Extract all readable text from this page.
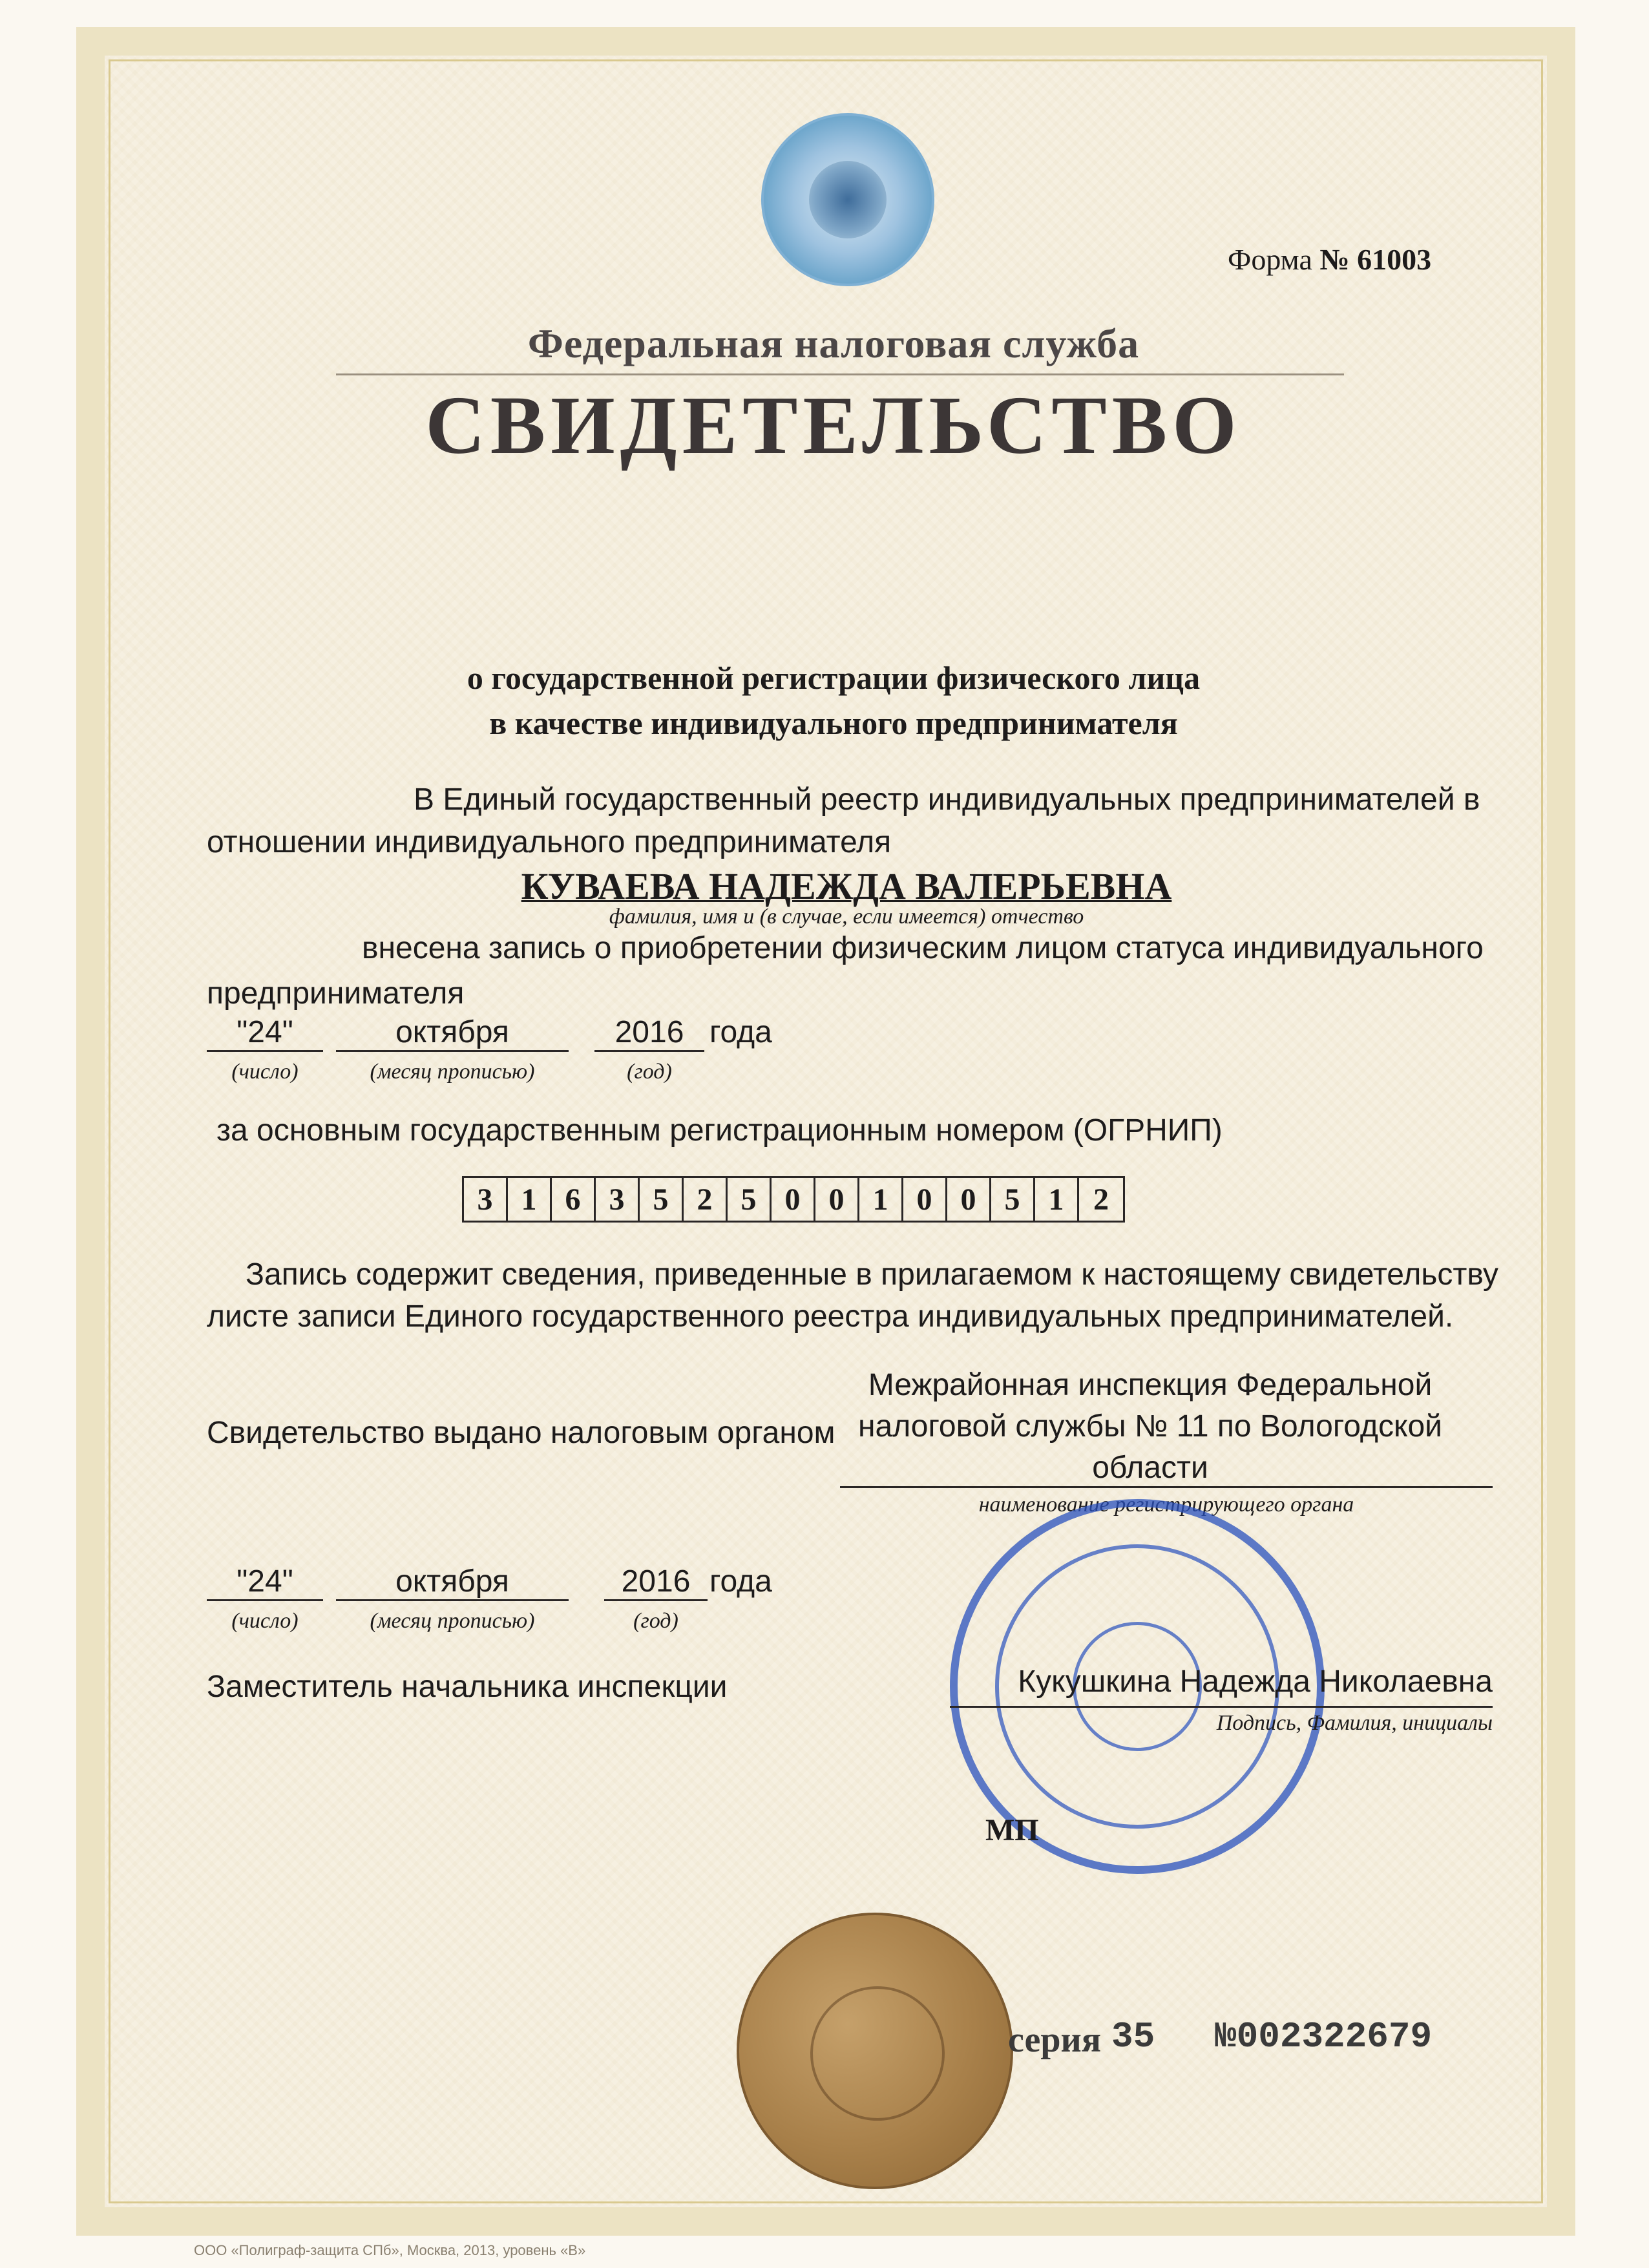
Форма № 61003
Федеральная налоговая служба
СВИДЕТЕЛЬСТВО
о государственной регистрации физического лица
в качестве индивидуального предпринимателя
В Единый государственный реестр индивидуальных предпринимателей в
отношении индивидуального предпринимателя
КУВАЕВА НАДЕЖДА ВАЛЕРЬЕВНА
фамилия, имя и (в случае, если имеется) отчество
внесена запись о приобретении физическим лицом статуса индивидуального
предпринимателя
"24"	октября	2016 года
(число)	(месяц прописью)	(год)
за основным государственным регистрационным номером (ОГРНИП)
3 1 6 3 5 2 5 0 0 1 0 0 5 1 2
Запись содержит сведения, приведенные в прилагаемом к настоящему свидетельству
листе записи Единого государственного реестра индивидуальных предпринимателей.
Свидетельство выдано налоговым органом
Межрайонная инспекция Федеральной
налоговой службы № 11 по Вологодской
области
наименование регистрирующего органа
"24"	октября	2016 года
(число)	(месяц прописью)	(год)
Заместитель начальника инспекции	Кукушкина Надежда Николаевна
Подпись, Фамилия, инициалы
МП
серия 35 №002322679
ООО «Полиграф-защита СПб», Москва, 2013, уровень «В»
